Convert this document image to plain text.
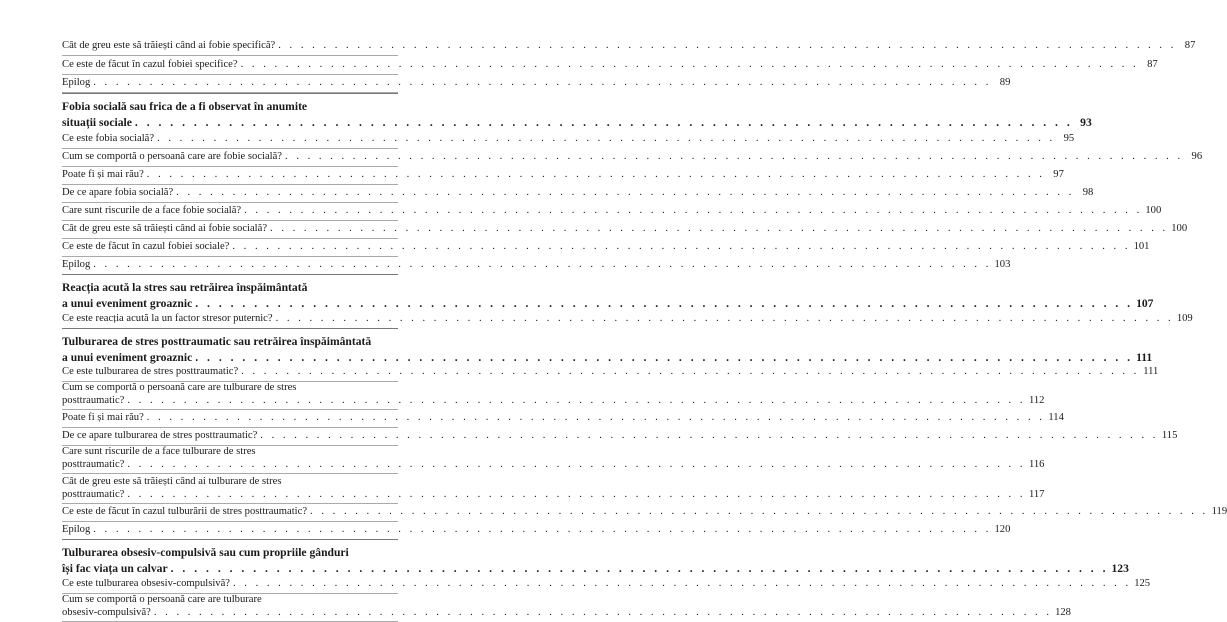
Cât de greu este să trăiești când ai fobie specifică? . . . . . . . . . . . . . . . . . . . . . . . . . . . . . . . . . . . . . . . . . . . . . . . . . . . . . . . . . . . . . . . . . . . . . . . . . . . . . . . . 87
Ce este de făcut în cazul fobiei specifice? . . . . . . . . . . . . . . . . . . . . . . . . . . . . . . . . . . . . . . . . . . . . . . . . . . . . . . . . . . . . . . . . . . . . . . . . . . . . . . . . 87
Epilog . . . . . . . . . . . . . . . . . . . . . . . . . . . . . . . . . . . . . . . . . . . . . . . . . . . . . . . . . . . . . . . . . . . . . . . . . . . . . . . . 89
Fobia socială sau frica de a fi observat în anumite
situații sociale . . . . . . . . . . . . . . . . . . . . . . . . . . . . . . . . . . . . . . . . . . . . . . . . . . . . . . . . . . . . . . . . . . . . . . . . . . . . . . . . 93
Ce este fobia socială? . . . . . . . . . . . . . . . . . . . . . . . . . . . . . . . . . . . . . . . . . . . . . . . . . . . . . . . . . . . . . . . . . . . . . . . . . . . . . . . . 95
Cum se comportă o persoană care are fobie socială? . . . . . . . . . . . . . . . . . . . . . . . . . . . . . . . . . . . . . . . . . . . . . . . . . . . . . . . . . . . . . . . . . . . . . . . . . . . . . . . . 96
Poate fi și mai rău? . . . . . . . . . . . . . . . . . . . . . . . . . . . . . . . . . . . . . . . . . . . . . . . . . . . . . . . . . . . . . . . . . . . . . . . . . . . . . . . . 97
De ce apare fobia socială? . . . . . . . . . . . . . . . . . . . . . . . . . . . . . . . . . . . . . . . . . . . . . . . . . . . . . . . . . . . . . . . . . . . . . . . . . . . . . . . . 98
Care sunt riscurile de a face fobie socială? . . . . . . . . . . . . . . . . . . . . . . . . . . . . . . . . . . . . . . . . . . . . . . . . . . . . . . . . . . . . . . . . . . . . . . . . . . . . . . . . 100
Cât de greu este să trăiești când ai fobie socială? . . . . . . . . . . . . . . . . . . . . . . . . . . . . . . . . . . . . . . . . . . . . . . . . . . . . . . . . . . . . . . . . . . . . . . . . . . . . . . . . 100
Ce este de făcut în cazul fobiei sociale? . . . . . . . . . . . . . . . . . . . . . . . . . . . . . . . . . . . . . . . . . . . . . . . . . . . . . . . . . . . . . . . . . . . . . . . . . . . . . . . . 101
Epilog . . . . . . . . . . . . . . . . . . . . . . . . . . . . . . . . . . . . . . . . . . . . . . . . . . . . . . . . . . . . . . . . . . . . . . . . . . . . . . . . 103
Reacția acută la stres sau retrăirea înspăimântată
a unui eveniment groaznic . . . . . . . . . . . . . . . . . . . . . . . . . . . . . . . . . . . . . . . . . . . . . . . . . . . . . . . . . . . . . . . . . . . . . . . . . . . . . . . . 107
Ce este reacția acută la un factor stresor puternic? . . . . . . . . . . . . . . . . . . . . . . . . . . . . . . . . . . . . . . . . . . . . . . . . . . . . . . . . . . . . . . . . . . . . . . . . . . . . . . . . 109
Tulburarea de stres posttraumatic sau retrăirea înspăimântată
a unui eveniment groaznic . . . . . . . . . . . . . . . . . . . . . . . . . . . . . . . . . . . . . . . . . . . . . . . . . . . . . . . . . . . . . . . . . . . . . . . . . . . . . . . . 111
Ce este tulburarea de stres posttraumatic? . . . . . . . . . . . . . . . . . . . . . . . . . . . . . . . . . . . . . . . . . . . . . . . . . . . . . . . . . . . . . . . . . . . . . . . . . . . . . . . . 111
Cum se comportă o persoană care are tulburare de stres
posttraumatic? . . . . . . . . . . . . . . . . . . . . . . . . . . . . . . . . . . . . . . . . . . . . . . . . . . . . . . . . . . . . . . . . . . . . . . . . . . . . . . . . 112
Poate fi și mai rău? . . . . . . . . . . . . . . . . . . . . . . . . . . . . . . . . . . . . . . . . . . . . . . . . . . . . . . . . . . . . . . . . . . . . . . . . . . . . . . . . 114
De ce apare tulburarea de stres posttraumatic? . . . . . . . . . . . . . . . . . . . . . . . . . . . . . . . . . . . . . . . . . . . . . . . . . . . . . . . . . . . . . . . . . . . . . . . . . . . . . . . . 115
Care sunt riscurile de a face tulburare de stres
posttraumatic? . . . . . . . . . . . . . . . . . . . . . . . . . . . . . . . . . . . . . . . . . . . . . . . . . . . . . . . . . . . . . . . . . . . . . . . . . . . . . . . . 116
Cât de greu este să trăiești când ai tulburare de stres
posttraumatic? . . . . . . . . . . . . . . . . . . . . . . . . . . . . . . . . . . . . . . . . . . . . . . . . . . . . . . . . . . . . . . . . . . . . . . . . . . . . . . . . 117
Ce este de făcut în cazul tulburării de stres posttraumatic? . . . . . . . . . . . . . . . . . . . . . . . . . . . . . . . . . . . . . . . . . . . . . . . . . . . . . . . . . . . . . . . . . . . . . . . . . . . . . . . . 119
Epilog . . . . . . . . . . . . . . . . . . . . . . . . . . . . . . . . . . . . . . . . . . . . . . . . . . . . . . . . . . . . . . . . . . . . . . . . . . . . . . . . 120
Tulburarea obsesiv-compulsivă sau cum propriile gânduri
își fac viața un calvar . . . . . . . . . . . . . . . . . . . . . . . . . . . . . . . . . . . . . . . . . . . . . . . . . . . . . . . . . . . . . . . . . . . . . . . . . . . . . . . . 123
Ce este tulburarea obsesiv-compulsivă? . . . . . . . . . . . . . . . . . . . . . . . . . . . . . . . . . . . . . . . . . . . . . . . . . . . . . . . . . . . . . . . . . . . . . . . . . . . . . . . . 125
Cum se comportă o persoană care are tulburare
obsesiv-compulsivă? . . . . . . . . . . . . . . . . . . . . . . . . . . . . . . . . . . . . . . . . . . . . . . . . . . . . . . . . . . . . . . . . . . . . . . . . . . . . . . . . 128
